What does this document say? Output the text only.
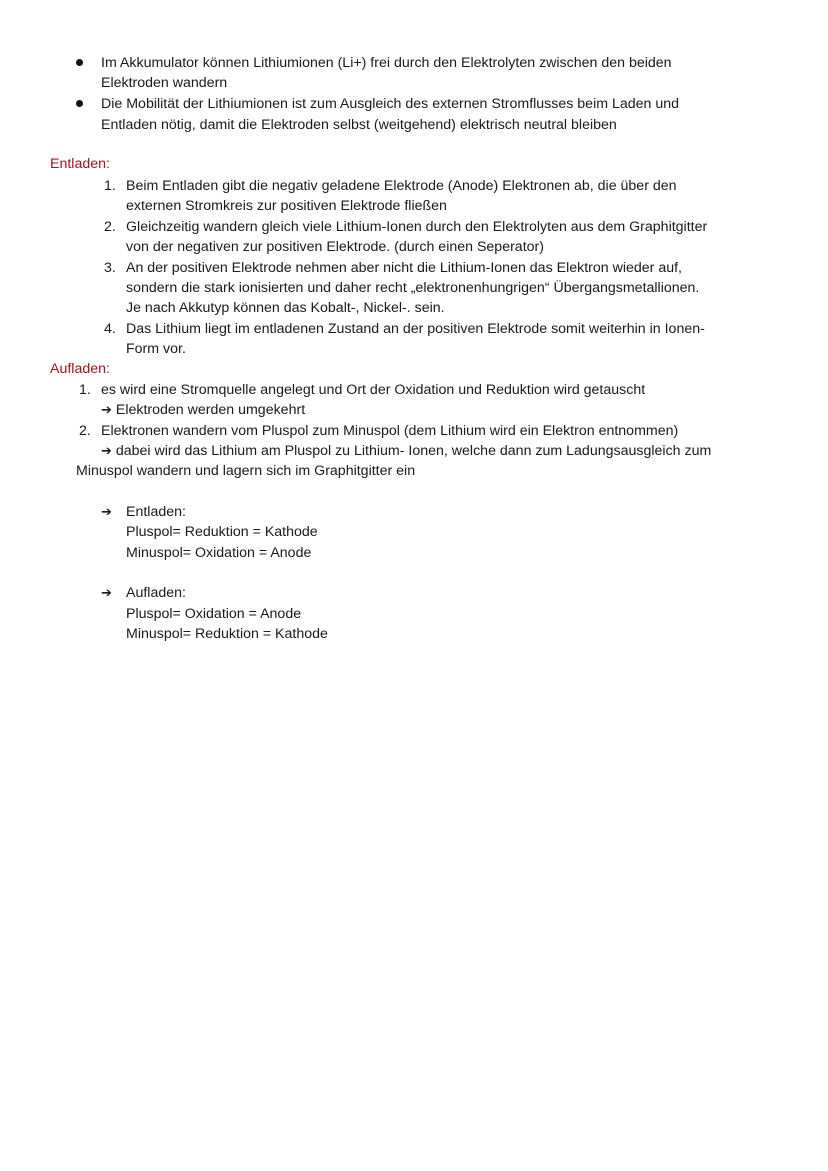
Im Akkumulator können Lithiumionen (Li+) frei durch den Elektrolyten zwischen den beiden
Elektroden wandern
Die Mobilität der Lithiumionen ist zum Ausgleich des externen Stromflusses beim Laden und
Entladen nötig, damit die Elektroden selbst (weitgehend) elektrisch neutral bleiben
Entladen:
1. Beim Entladen gibt die negativ geladene Elektrode (Anode) Elektronen ab, die über den
externen Stromkreis zur positiven Elektrode fließen
2. Gleichzeitig wandern gleich viele Lithium-Ionen durch den Elektrolyten aus dem Graphitgitter
von der negativen zur positiven Elektrode. (durch einen Seperator)
3. An der positiven Elektrode nehmen aber nicht die Lithium-Ionen das Elektron wieder auf,
sondern die stark ionisierten und daher recht „elektronenhungrigen“ Übergangsmetallionen.
Je nach Akkutyp können das Kobalt-, Nickel-. sein.
4. Das Lithium liegt im entladenen Zustand an der positiven Elektrode somit weiterhin in Ionen-
Form vor.
Aufladen:
1. es wird eine Stromquelle angelegt und Ort der Oxidation und Reduktion wird getauscht
➔ Elektroden werden umgekehrt
2. Elektronen wandern vom Pluspol zum Minuspol (dem Lithium wird ein Elektron entnommen)
➔ dabei wird das Lithium am Pluspol zu Lithium- Ionen, welche dann zum Ladungsausgleich zum
Minuspol wandern und lagern sich im Graphitgitter ein
➔ Entladen:
Pluspol= Reduktion = Kathode
Minuspol= Oxidation = Anode
➔ Aufladen:
Pluspol= Oxidation = Anode
Minuspol= Reduktion = Kathode
